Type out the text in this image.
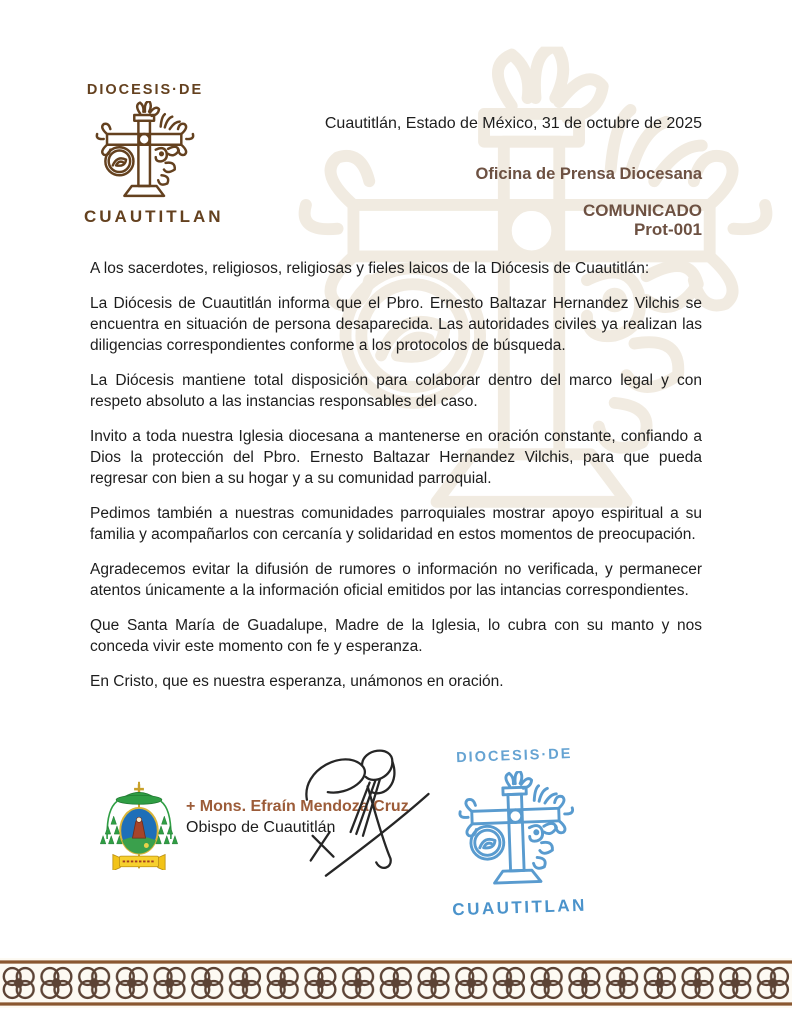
DIOCESIS·DE
CUAUTITLAN
Cuautitlán, Estado de México, 31 de octubre de 2025
Oficina de Prensa Diocesana
COMUNICADO
Prot-001

A los sacerdotes, religiosos, religiosas y fieles laicos de la Diócesis de Cuautitlán:

La Diócesis de Cuautitlán informa que el Pbro. Ernesto Baltazar Hernandez Vilchis se encuentra en situación de persona desaparecida. Las autoridades civiles ya realizan las diligencias correspondientes conforme a los protocolos de búsqueda.

La Diócesis mantiene total disposición para colaborar dentro del marco legal y con respeto absoluto a las instancias responsables del caso.

Invito a toda nuestra Iglesia diocesana a mantenerse en oración constante, confiando a Dios la protección del Pbro. Ernesto Baltazar Hernandez Vilchis, para que pueda regresar con bien a su hogar y a su comunidad parroquial.

Pedimos también a nuestras comunidades parroquiales mostrar apoyo espiritual a su familia y acompañarlos con cercanía y solidaridad en estos momentos de preocupación.

Agradecemos evitar la difusión de rumores o información no verificada, y permanecer atentos únicamente a la información oficial emitidos por las intancias correspondientes.

Que Santa María de Guadalupe, Madre de la Iglesia, lo cubra con su manto y nos conceda vivir este momento con fe y esperanza.

En Cristo, que es nuestra esperanza, unámonos en oración.

+ Mons. Efraín Mendoza Cruz
Obispo de Cuautitlán
DIOCESIS·DE
CUAUTITLAN
